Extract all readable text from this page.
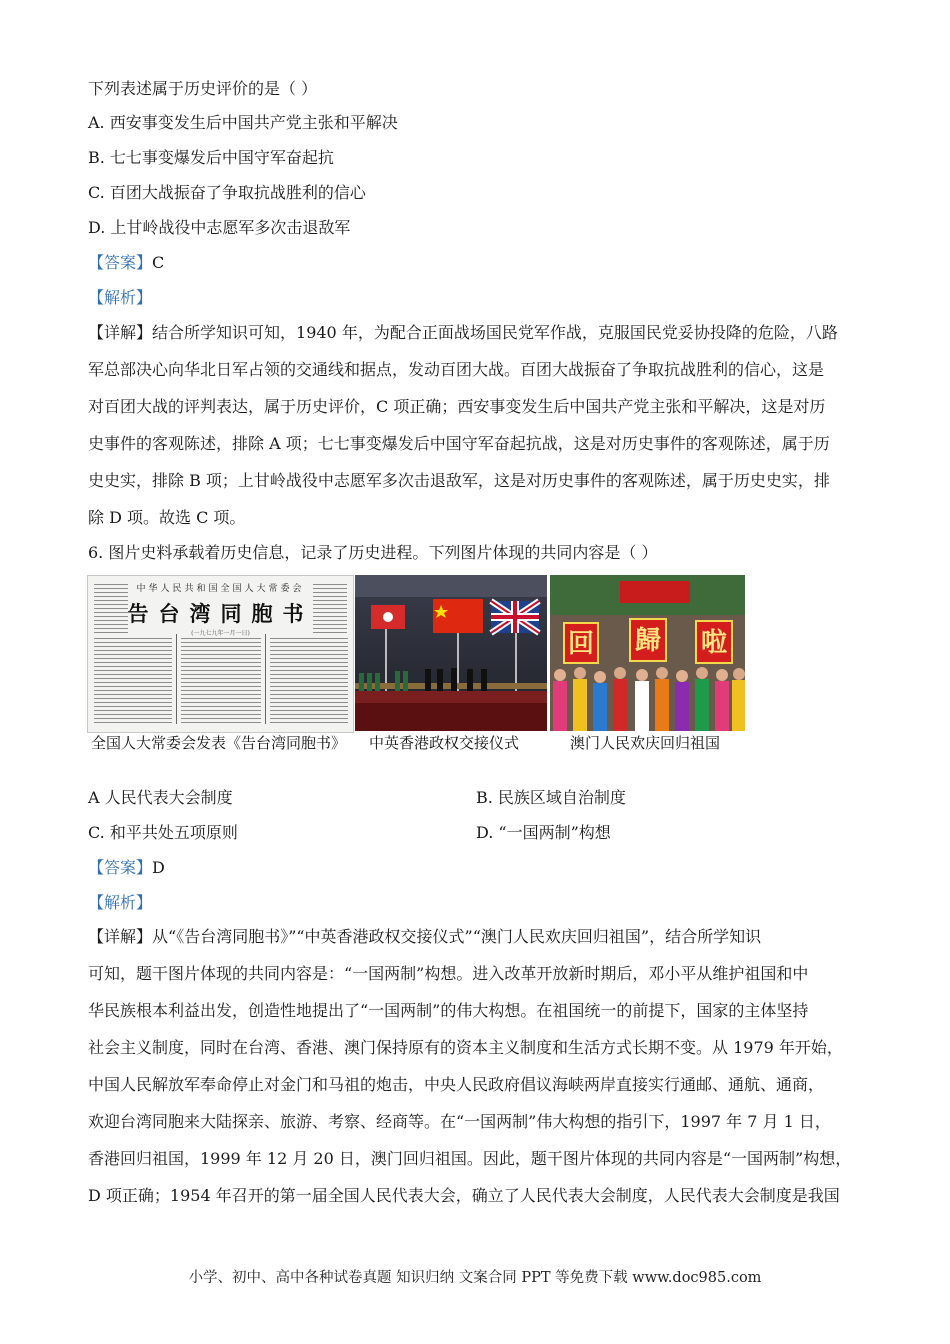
下列表述属于历史评价的是（ ）
A. 西安事变发生后中国共产党主张和平解决
B. 七七事变爆发后中国守军奋起抗
C. 百团大战振奋了争取抗战胜利的信心
D. 上甘岭战役中志愿军多次击退敌军
【答案】C
【解析】

【详解】结合所学知识可知，1940 年，为配合正面战场国民党军作战，克服国民党妥协投降的危险，八路

军总部决心向华北日军占领的交通线和据点，发动百团大战。百团大战振奋了争取抗战胜利的信心，这是

对百团大战的评判表达，属于历史评价，C 项正确；西安事变发生后中国共产党主张和平解决，这是对历

史事件的客观陈述，排除 A 项；七七事变爆发后中国守军奋起抗战，这是对历史事件的客观陈述，属于历

史史实，排除 B 项；上甘岭战役中志愿军多次击退敌军，这是对历史事件的客观陈述，属于历史史实，排

除 D 项。故选 C 项。

6. 图片史料承载着历史信息，记录了历史进程。下列图片体现的共同内容是（ ）
中华人民共和国全国人大常委会
告台湾同胞书
(一九七九年一月一日)	回 歸 啦
全国人大常委会发表《告台湾同胞书》 中英香港政权交接仪式	澳门人民欢庆回归祖国
A 人民代表大会制度	B. 民族区域自治制度
C. 和平共处五项原则	D. “一国两制”构想
【答案】D
【解析】

【详解】从“《告台湾同胞书》”“中英香港政权交接仪式”“澳门人民欢庆回归祖国”，结合所学知识

可知，题干图片体现的共同内容是：“一国两制”构想。进入改革开放新时期后，邓小平从维护祖国和中

华民族根本利益出发，创造性地提出了“一国两制”的伟大构想。在祖国统一的前提下，国家的主体坚持

社会主义制度，同时在台湾、香港、澳门保持原有的资本主义制度和生活方式长期不变。从 1979 年开始，

中国人民解放军奉命停止对金门和马祖的炮击，中央人民政府倡议海峡两岸直接实行通邮、通航、通商，

欢迎台湾同胞来大陆探亲、旅游、考察、经商等。在“一国两制”伟大构想的指引下，1997 年 7 月 1 日，

香港回归祖国，1999 年 12 月 20 日，澳门回归祖国。因此，题干图片体现的共同内容是“一国两制”构想，

D 项正确；1954 年召开的第一届全国人民代表大会，确立了人民代表大会制度，人民代表大会制度是我国

小学、初中、高中各种试卷真题 知识归纳 文案合同 PPT 等免费下载 www.doc985.com
